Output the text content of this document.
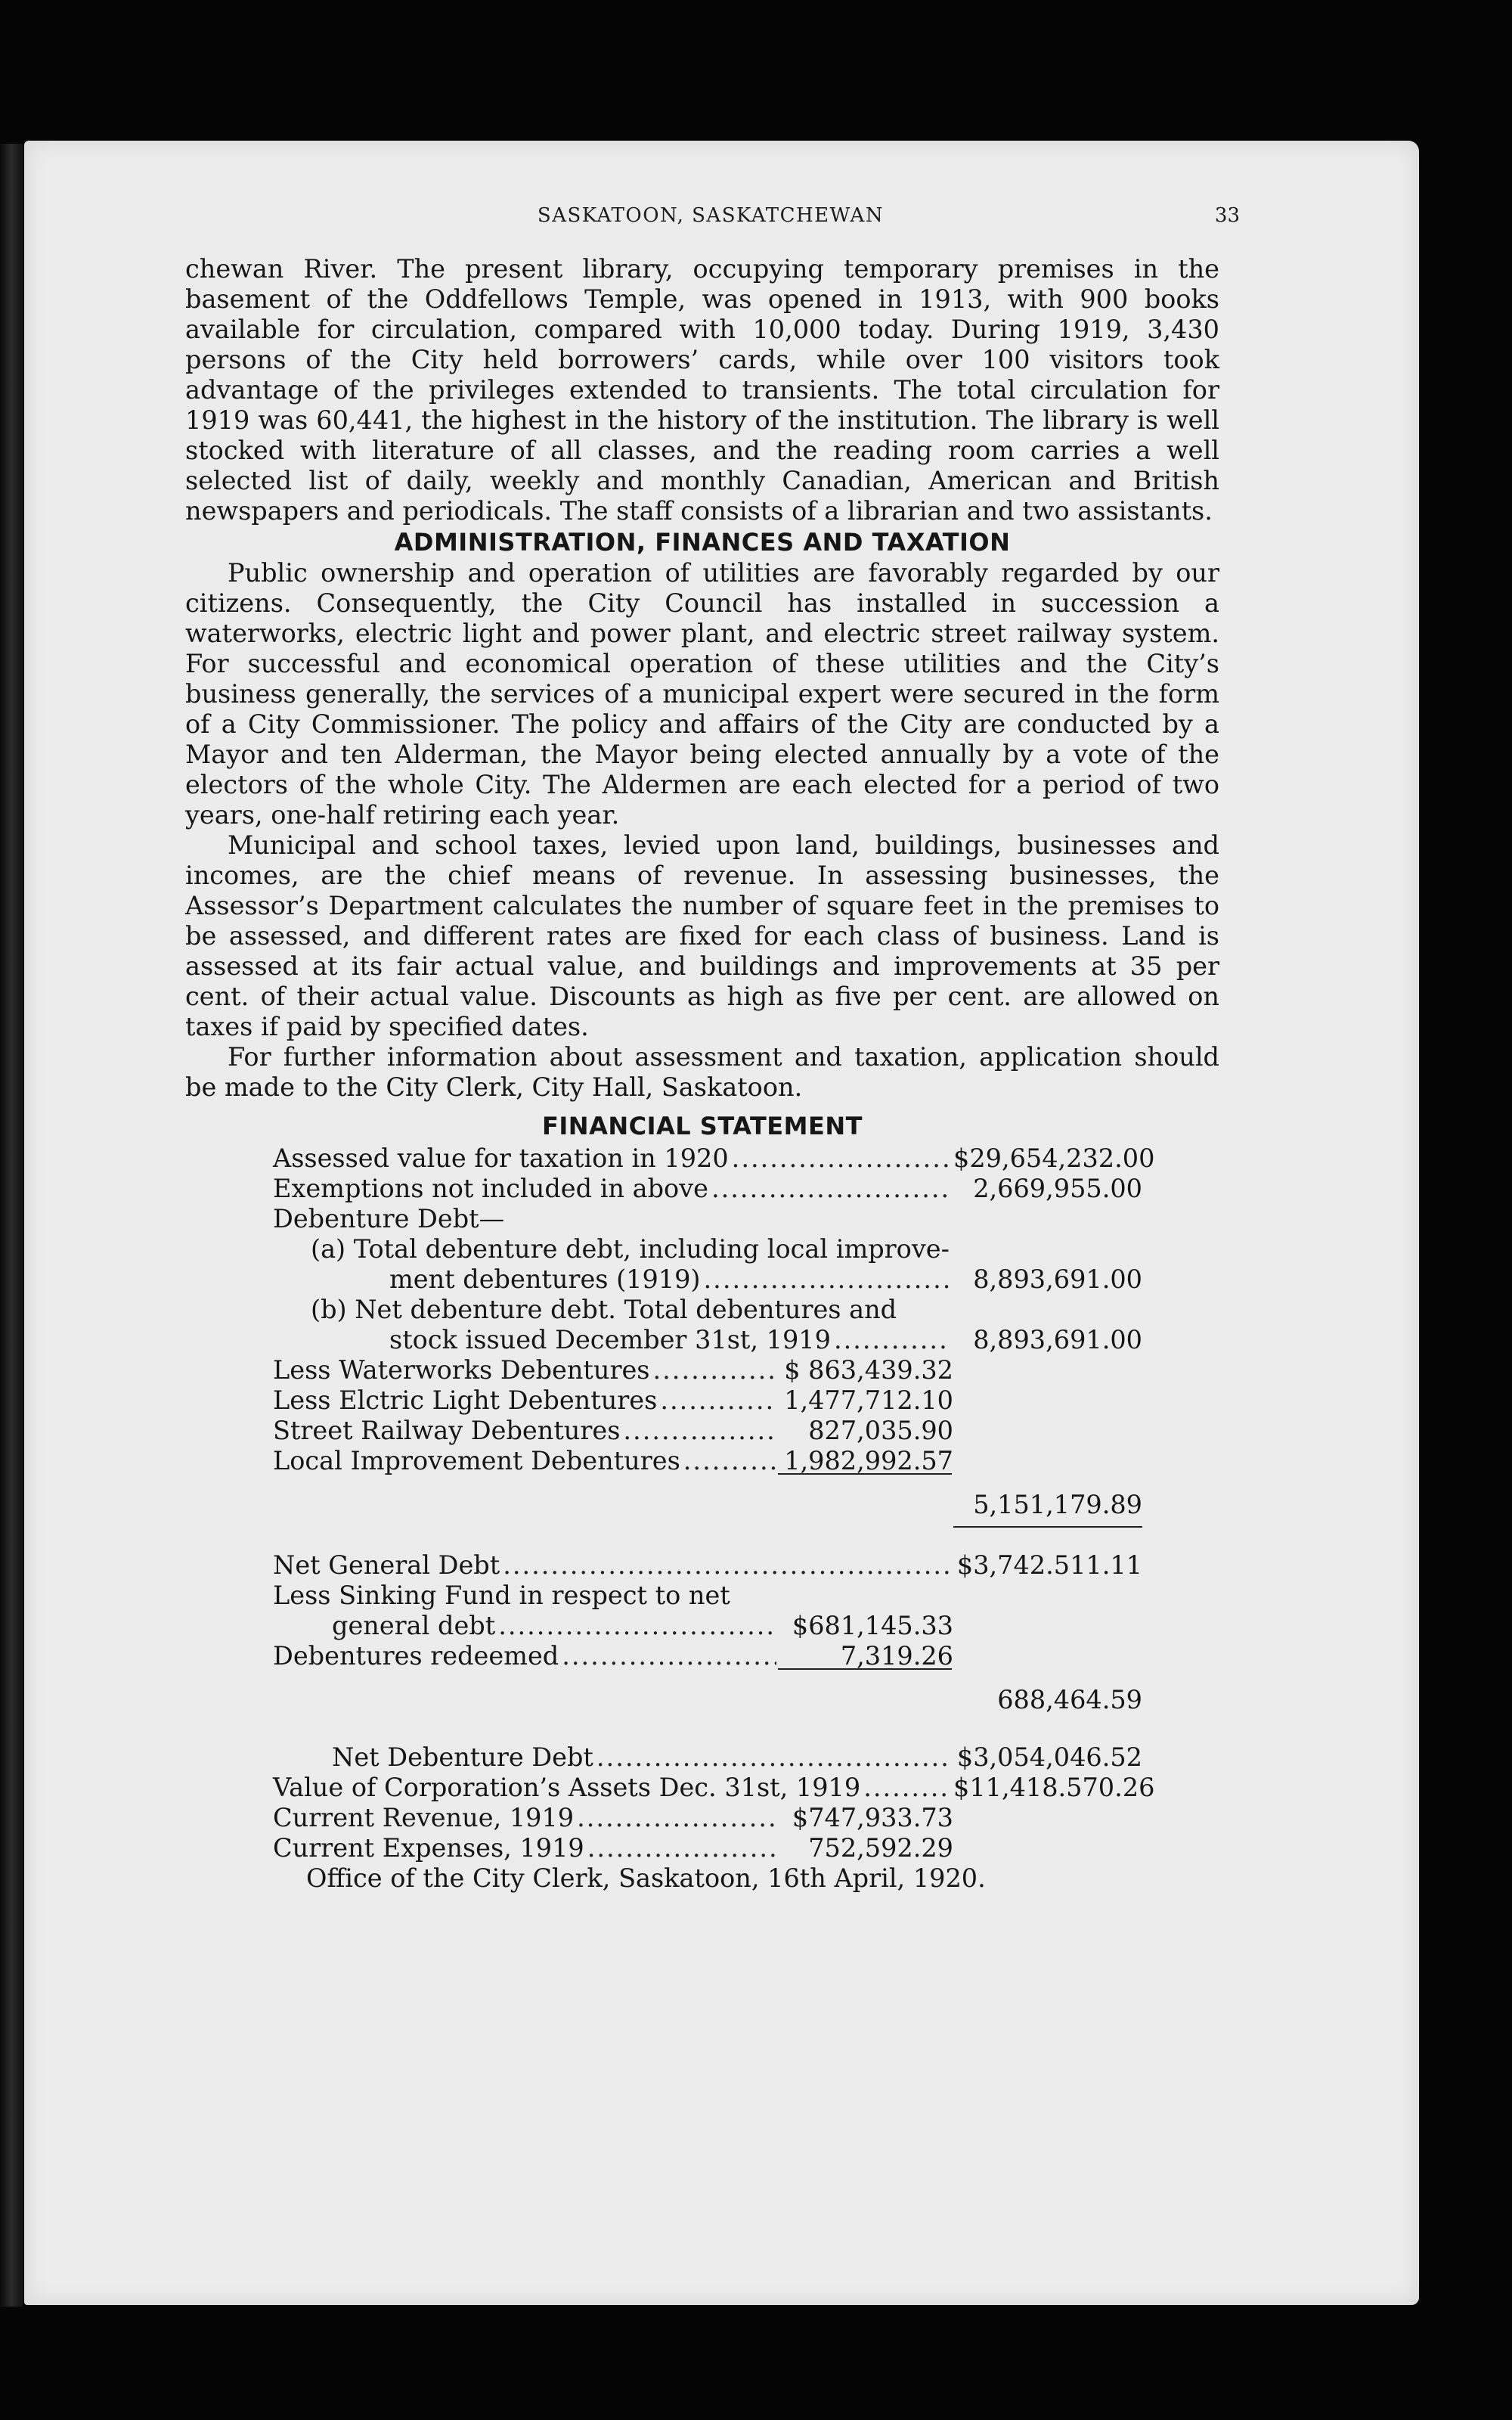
SASKATOON, SASKATCHEWAN	33

chewan River. The present library, occupying temporary premises in the basement of the Oddfellows Temple, was opened in 1913, with 900 books available for circulation, compared with 10,000 today. During 1919, 3,430 persons of the City held borrowers’ cards, while over 100 visitors took advantage of the privileges extended to transients. The total circulation for 1919 was 60,441, the highest in the history of the institution. The library is well stocked with literature of all classes, and the reading room carries a well selected list of daily, weekly and monthly Canadian, American and British newspapers and periodicals. The staff consists of a librarian and two assistants.

ADMINISTRATION, FINANCES AND TAXATION

Public ownership and operation of utilities are favorably regarded by our citizens. Consequently, the City Council has installed in succession a waterworks, electric light and power plant, and electric street railway system. For successful and economical operation of these utilities and the City’s business generally, the services of a municipal expert were secured in the form of a City Commissioner. The policy and affairs of the City are conducted by a Mayor and ten Alderman, the Mayor being elected annually by a vote of the electors of the whole City. The Aldermen are each elected for a period of two years, one-half retiring each year.

Municipal and school taxes, levied upon land, buildings, businesses and incomes, are the chief means of revenue. In assessing businesses, the Assessor’s Department calculates the number of square feet in the premises to be assessed, and different rates are fixed for each class of business. Land is assessed at its fair actual value, and buildings and improvements at 35 per cent. of their actual value. Discounts as high as five per cent. are allowed on taxes if paid by specified dates.

For further information about assessment and taxation, application should be made to the City Clerk, City Hall, Saskatoon.

FINANCIAL STATEMENT
Assessed value for taxation in 1920 .....	$29,654,232.00
Exemptions not included in above .....	2,669,955.00
Debenture Debt—
(a) Total debenture debt, including local improve-
ment debentures (1919) .....	8,893,691.00
(b) Net debenture debt. Total debentures and
stock issued December 31st, 1919 .....	8,893,691.00
Less Waterworks Debentures .....	$ 863,439.32
Less Elctric Light Debentures .....	1,477,712.10
Street Railway Debentures .....	827,035.90
Local Improvement Debentures .....	1,982,992.57
5,151,179.89
Net General Debt .....	$3,742.511.11
Less Sinking Fund in respect to net
general debt .....	$681,145.33
Debentures redeemed .....	7,319.26
688,464.59
Net Debenture Debt .....	$3,054,046.52
Value of Corporation’s Assets Dec. 31st, 1919 .....	$11,418.570.26
Current Revenue, 1919 .....	$747,933.73
Current Expenses, 1919 .....	752,592.29
Office of the City Clerk, Saskatoon, 16th April, 1920.
